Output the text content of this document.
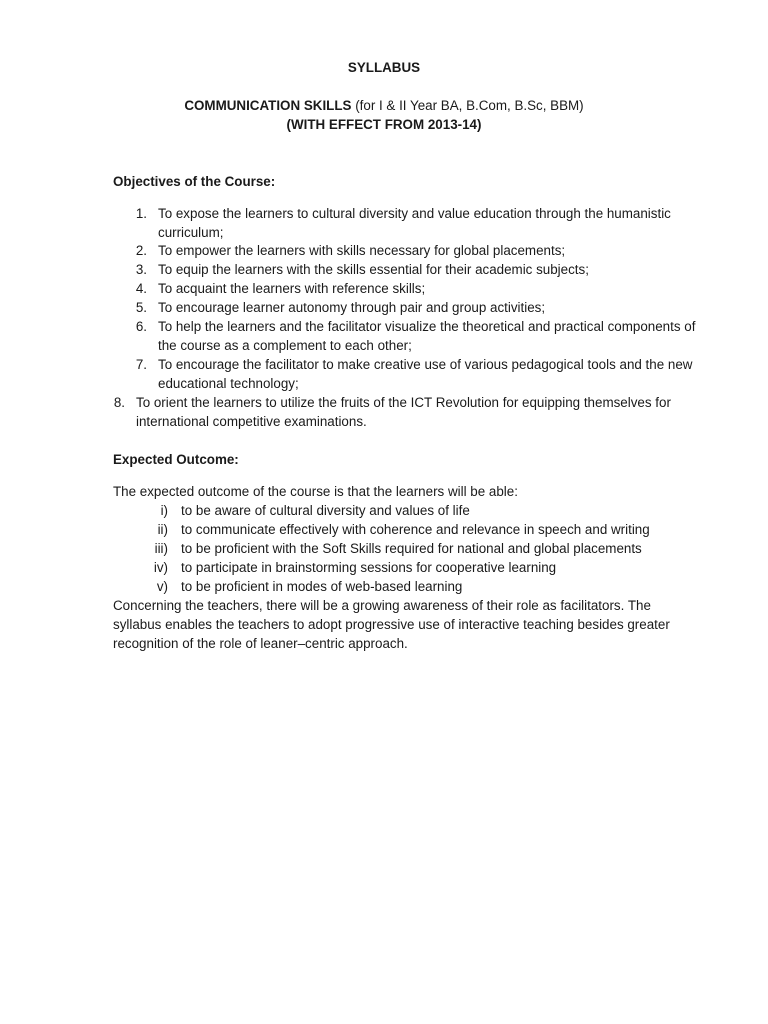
SYLLABUS
COMMUNICATION SKILLS (for I & II Year BA, B.Com, B.Sc, BBM)
(WITH EFFECT FROM 2013-14)
Objectives of the Course:
1. To expose the learners to cultural diversity and value education through the humanistic curriculum;
2. To empower the learners with skills necessary for global placements;
3. To equip the learners with the skills essential for their academic subjects;
4. To acquaint the learners with reference skills;
5. To encourage learner autonomy through pair and group activities;
6. To help the learners and the facilitator visualize the theoretical and practical components of the course as a complement to each other;
7. To encourage the facilitator to make creative use of various pedagogical tools and the new educational technology;
8. To orient the learners to utilize the fruits of the ICT Revolution for equipping themselves for international competitive examinations.
Expected Outcome:
The expected outcome of the course is that the learners will be able:
i) to be aware of cultural diversity and values of life
ii) to communicate effectively with coherence and relevance in speech and writing
iii) to be proficient with the Soft Skills required for national and global placements
iv) to participate in brainstorming sessions for cooperative learning
v) to be proficient in modes of web-based learning
Concerning the teachers, there will be a growing awareness of their role as facilitators. The syllabus enables the teachers to adopt progressive use of interactive teaching besides greater recognition of the role of leaner–centric approach.
